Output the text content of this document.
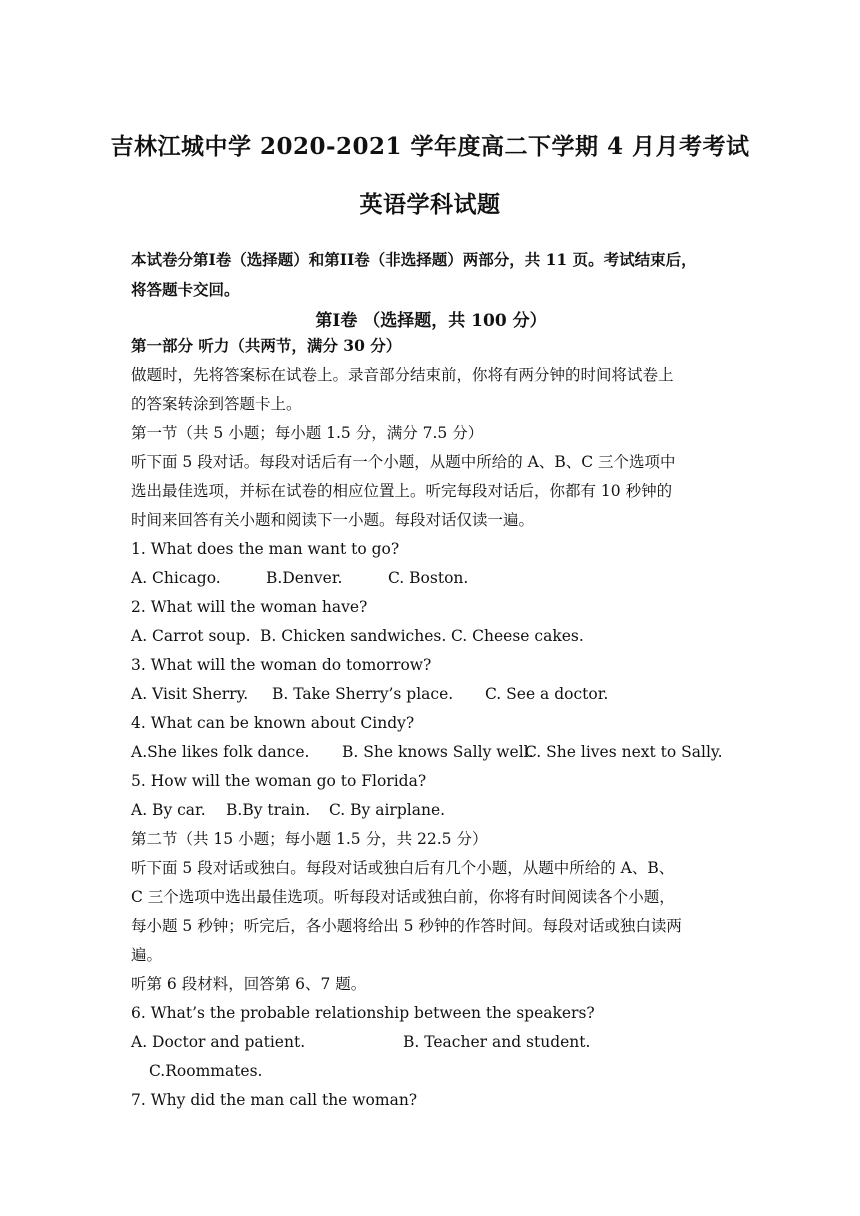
吉林江城中学 2020-2021 学年度高二下学期 4 月月考考试
英语学科试题
本试卷分第I卷（选择题）和第II卷（非选择题）两部分，共 11 页。考试结束后，
将答题卡交回。
第I卷 （选择题，共 100 分）
第一部分 听力（共两节，满分 30 分）
做题时，先将答案标在试卷上。录音部分结束前，你将有两分钟的时间将试卷上
的答案转涂到答题卡上。
第一节（共 5 小题；每小题 1.5 分，满分 7.5 分）
听下面 5 段对话。每段对话后有一个小题，从题中所给的 A、B、C 三个选项中
选出最佳选项，并标在试卷的相应位置上。听完每段对话后，你都有 10 秒钟的
时间来回答有关小题和阅读下一小题。每段对话仅读一遍。
1. What does the man want to go?
A. Chicago.	B.Denver.	C. Boston.
2. What will the woman have?
A. Carrot soup. B. Chicken sandwiches. C. Cheese cakes.
3. What will the woman do tomorrow?
A. Visit Sherry. B. Take Sherry’s place. C. See a doctor.
4. What can be known about Cindy?
A.She likes folk dance. B. She knows Sally well.C. She lives next to Sally.
5. How will the woman go to Florida?
A. By car. B.By train. C. By airplane.
第二节（共 15 小题；每小题 1.5 分，共 22.5 分）
听下面 5 段对话或独白。每段对话或独白后有几个小题，从题中所给的 A、B、
C 三个选项中选出最佳选项。听每段对话或独白前，你将有时间阅读各个小题，
每小题 5 秒钟；听完后，各小题将给出 5 秒钟的作答时间。每段对话或独白读两
遍。
听第 6 段材料，回答第 6、7 题。
6. What’s the probable relationship between the speakers?
A. Doctor and patient.	B. Teacher and student.
C.Roommates.
7. Why did the man call the woman?
